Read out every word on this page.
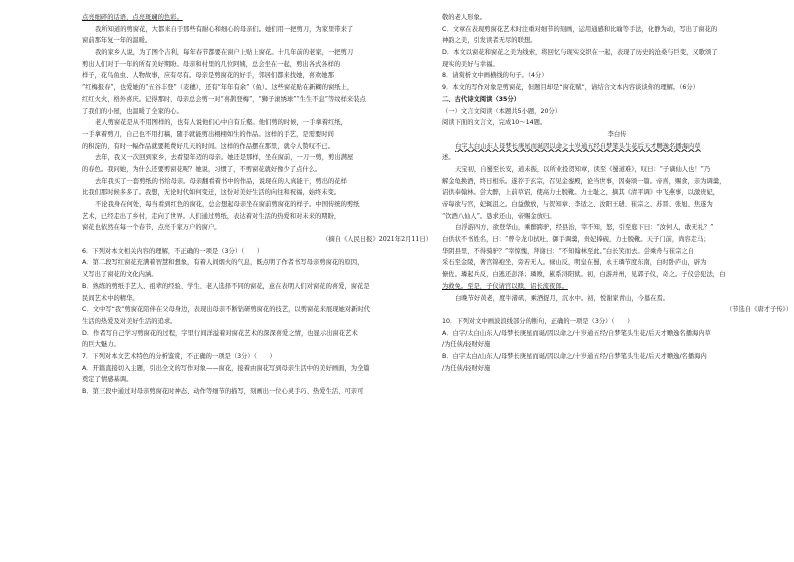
点亮细碎的话语，点亮斑斓的色彩。
我所知道的剪窗花，大都来自于那些有耐心和细心的母亲们。她们用一把剪刀，为家里带来了
窗前那年复一年的温暖。
我的家乡人说，为了图个吉利，每年春节都要在窗户上贴上窗花。十几年前的老家，一把剪刀
剪出人们对于一年的所有美好期盼。母亲和村里的几位阿姨，总会坐在一起，剪出各式各样的
样子，花鸟鱼虫、人物故事，应有尽有。母亲是剪窗花的好手，邻居们都来找她，喜欢她那
”红梅报春”，也爱她的“五谷丰登”（麦穗），还有“年年有余”（鱼）。这些窗花贴在新糊的窗纸上，
红红火火，格外喜庆。记得那时，母亲总会剪一对“喜鹊登梅”，“狮子滚绣球”“生生不息”等纹样来装点
了我们的小屋，也温暖了全家的心。
老人剪窗花是从不用图样的，也有人说他们心中自有丘壑。他们剪的时候，一手拿着红纸，
一手拿着剪刀，自己也不用打稿，随手就能剪出栩栩如生的作品。这样的手艺，是需要时间
的积淀的，有时一幅作品就要耗费好几天的时间。这样的作品摆在那里，就令人赞叹不已。
去年，我又一次回到家乡，去看望年迈的母亲。她还是那样，坐在窗前，一刀一剪，剪出满屋
的春色。我问她，为什么还要剪窗花呢？她说，习惯了，不剪窗花就好像少了点什么。
去年我买了一套剪纸的书给母亲。母亲翻看着书中的作品，说现在的人真能干，剪出的花样
比我们那时候多多了。我想，无论时代如何变迁，这份对美好生活的向往和祝福，始终未变。
不论我身在何处，每当看到红色的窗花，总会想起母亲坐在窗前剪窗花的样子。中国传统的剪纸
艺术，已经走出了乡村，走向了世界。人们通过剪纸，表达着对生活的热爱和对未来的期盼，
窗花也依然在每一个春节，点亮千家万户的窗户。
（摘自《人民日报》2021年2月11日）
6．下列对本文相关内容的理解，不正确的一项是（3分）（　　）
A．第二段写红窗花充满着智慧和想象，有着人间烟火的气息，既点明了作者书写母亲剪窗花的原因，
又写出了窗花的文化内涵。
B．熟练的剪纸手艺人、祖辈的经验、学生、老人选择不同的窗花，意在表明人们对窗花的喜爱，窗花是
民间艺术中的精华。
C．文中写“我”剪窗花陪伴在父母身边，表现出母亲不断钻研剪窗花的技艺，以剪窗花来展现她对新时代
生活的热爱及对美好生活的追求。
D．作者写自己学习剪窗花的过程，字里行间洋溢着对窗花艺术的深深喜爱之情，也显示出窗花艺术
的巨大魅力。
7．下列对本文艺术特色的分析鉴赏，不正确的一项是（3分）（　　）
A．开篇直接切入主题，引出全文的写作对象——窗花，接着由窗花写到母亲生活中的美好画面，为全篇
奠定了情感基调。
B．第三段中通过对母亲剪窗花时神态、动作等细节的描写，刻画出一位心灵手巧、热爱生活、可亲可
敬的老人形象。
C．文章在表现剪窗花艺术时注重对细节的刻画，运用通感和比喻等手法，化静为动，写出了窗花的
神韵之美，引发读者无尽的联想。
D．本文以窗花和窗花之美为线索，将回忆与现实交织在一起，表现了历史的沧桑与巨变，又歌颂了
现实的美好与幸福。
8．请赏析文中画横线的句子。（4分）
9．本文的写作对象是剪窗花，但题目却是“窗花赋”，请结合文本内容谈谈你的理解。（6分）
二、古代诗文阅读（35分）
（一）文言文阅读（本题共5小题，20分）
阅读下面的文言文，完成10～14题。
李白传
白字太白山东人母梦长庚星而诞因以命之十岁通五经自梦笔头生花后天才赡逸名播海内草
述。
天宝初，自蜀至长安，道未振，以所业投贺知章，读至《蜀道难》，叹曰：“子谪仙人也！”乃
解金龟换酒，终日相乐。遂荐于玄宗，召见金銮殿，论当世事，因奏颂一篇。帝喜，赐食，亲为调羹，
诏供奉翰林。尝大醉，上前草诏，使高力士脱靴。力士耻之，摘其《清平调》中飞燕事，以激贵妃，
帝每欲与官，妃辄沮之。白益傲放，与贺知章、李适之、汝阳王琎、崔宗之、苏晋、张旭、焦遂为
“饮酒八仙人”。恳求还山，帝赐金放归。
白浮游四方，欲登华山，乘醉跨驴，经县治，宰不知，怒，引至庭下曰：“汝何人，敢无礼？”
白供状不书姓名，曰：“曾令龙巾拭吐，御手调羹，贵妃捧砚，力士脱靴。天子门前，尚容走马；
华阴县里，不得骑驴？”宰惊愧，拜谢曰：“不知翰林至此。”白长笑而去。尝乘舟与崔宗之自
采石至金陵，著宫锦袍坐，旁若无人。禄山反，明皇在蜀，永王璘节度东南，白时卧庐山，辟为
僚佐。璘起兵反，白逃还彭泽；璘败，累系浔阳狱。初，白游并州，见郭子仪，奇之。子仪尝犯法，白
为救免。至是，子仪请官以赎，诏长流夜郎。
白晚节好黄老，度牛渚矶，乘酒捉月，沉水中。初，悦谢家青山，今墓在焉。
（节选自《唐才子传》）
10．下列对文中画波浪线部分的断句，正确的一项是（3分）（　　）
A．白字/太白山东人/母梦长庚星而诞/因以命之/十岁通五经/自梦笔头生花/后天才赡逸名播海内草
/为任侠/轻财好施
B．白字太白/山东人/母梦长庚星而诞/因以命之/十岁通五经/自梦笔头生花/后天才赡逸/名播海内
/为任侠/轻财好施
